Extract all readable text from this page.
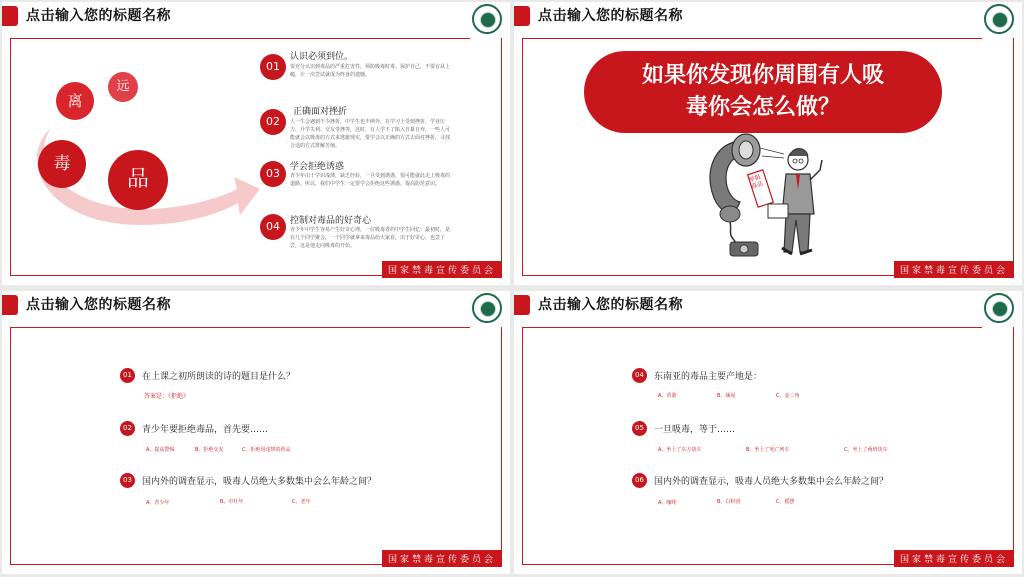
点击输入您的标题名称
离
远
毒
品
01
认识必须到位。
要充分认识到毒品的严重危害性，预防吸毒时毒、保护自己，不要盲从上瘾，让一次尝试就成为终身的遗憾。
02
正确面对挫折
人一生会遇到不少挫折，中学生也不例外，在学习上受到挫折，学业压力、升学失利、交友受挫等，这时，有人学不了陷入自暴自弃，一些人可能就会以吸毒的方式来逃避现实，要学会以正确的方式去面对挫折，寻找合适的方式排解苦恼。
03	学会拒绝诱惑
青少年由于学识浅薄，缺乏经验，一旦受到诱惑，很可能就此走上吸毒的道路。所以，我们中学生一定要学会拒绝这些诱惑，提高防范意识。
04	控制对毒品的好奇心
青少年中学生容易产生好奇心理，一位吸毒者的中学生回忆：最初时，是在几个同学聚会，一个同学就拿来毒品给大家看，出于好奇心，也尝了尝，这是他走向吸毒的开始。
国家禁毒宣传委员会
点击输入您的标题名称
如果你发现你周围有人吸
毒你会怎么做？
举报毒品
国家禁毒宣传委员会
点击输入您的标题名称
01	在上课之初所朗读的诗的题目是什么？
答案是：《拒绝》
02	青少年要拒绝毒品，首先要……
A、提高警惕	B、拒绝交友	C、拒绝用违禁的药品
03	国内外的调查显示，吸毒人员绝大多数集中会么年龄之间？
A、青少年	B、中壮年	C、老年
国家禁毒宣传委员会
点击输入您的标题名称
04	东南亚的毒品主要产地是：
A、香港	B、缅甸	C、金三角
05	一旦吸毒，等于……
A、坐上了东方快车	B、坐上了死亡列车	C、坐上了两班快车
06	国内外的调查显示，吸毒人员绝大多数集中会么年龄之间？
A、咖啡	B、白粉团	C、摇摆
国家禁毒宣传委员会
